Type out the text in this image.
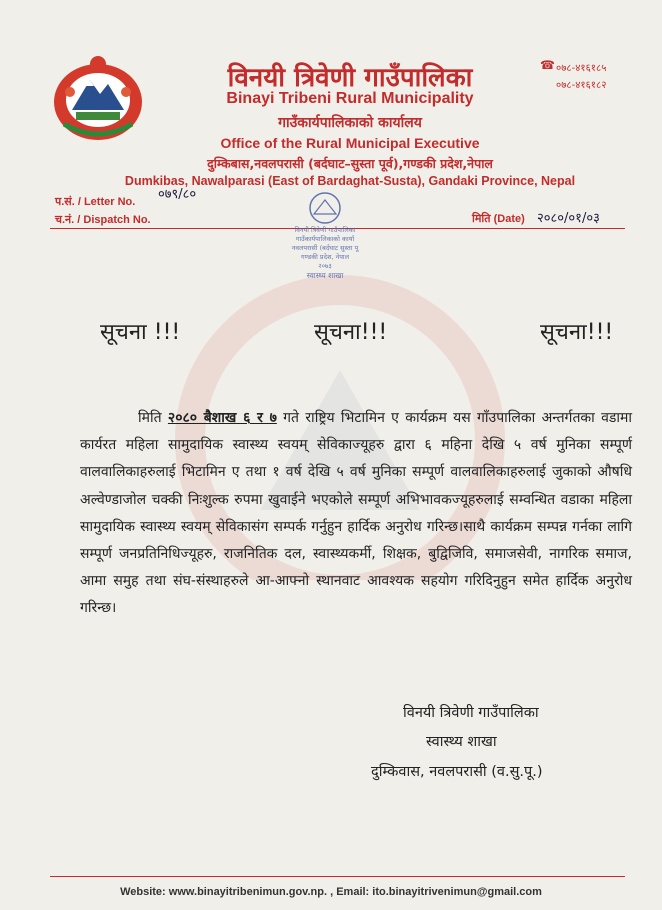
विनयी त्रिवेणी गाउँपालिका
Binayi Tribeni Rural Municipality
गाउँकार्यपालिकाको कार्यालय
Office of the Rural Municipal Executive
दुम्किबास,नवलपरासी (बर्दघाट–सुस्ता पूर्व),गण्डकी प्रदेश,नेपाल
Dumkibas, Nawalparasi (East of Bardaghat-Susta), Gandaki Province, Nepal
☎ ०७८-४१६१८५
०७८-४१६१८२
प.सं. / Letter No. ०७९/८०
च.नं. / Dispatch No.	मिति (Date) २०८०/०१/०३
विनयी त्रिवेणी गाउँपालिका
गाउँकार्यपालिकाको कार्या
नवलपरासी (बर्दघाट सुस्ता पू
गण्डकी प्रदेश, नेपाल
२०७३
स्वास्थ्य शाखा
सूचना !!!	सूचना!!!	सूचना!!!

मिति २०८० बैशाख ६ र ७ गते राष्ट्रिय भिटामिन ए कार्यक्रम यस गाँउपालिका अन्तर्गतका वडामा कार्यरत महिला सामुदायिक स्वास्थ्य स्वयम् सेविकाज्यूहरु द्वारा ६ महिना देखि ५ वर्ष मुनिका सम्पूर्ण वालवालिकाहरुलाई भिटामिन ए तथा १ वर्ष देखि ५ वर्ष मुनिका सम्पूर्ण वालवालिकाहरुलाई जुकाको औषधि अल्वेण्डाजोल चक्की निःशुल्क रुपमा खुवाईने भएकोले सम्पूर्ण अभिभावकज्यूहरुलाई सम्वन्धित वडाका महिला सामुदायिक स्वास्थ्य स्वयम् सेविकासंग सम्पर्क गर्नुहुन हार्दिक अनुरोध गरिन्छ।साथै कार्यक्रम सम्पन्न गर्नका लागि सम्पूर्ण जनप्रतिनिधिज्यूहरु, राजनितिक दल, स्वास्थ्यकर्मी, शिक्षक, बुद्विजिवि, समाजसेवी, नागरिक समाज, आमा समुह तथा संघ-संस्थाहरुले आ-आफ्नो स्थानवाट आवश्यक सहयोग गरिदिनुहुन समेत हार्दिक अनुरोध गरिन्छ।

विनयी त्रिवेणी गाउँपालिका
स्वास्थ्य शाखा
दुम्किवास, नवलपरासी (व.सु.पू.)
Website: www.binayitribenimun.gov.np. , Email: ito.binayitrivenimun@gmail.com
